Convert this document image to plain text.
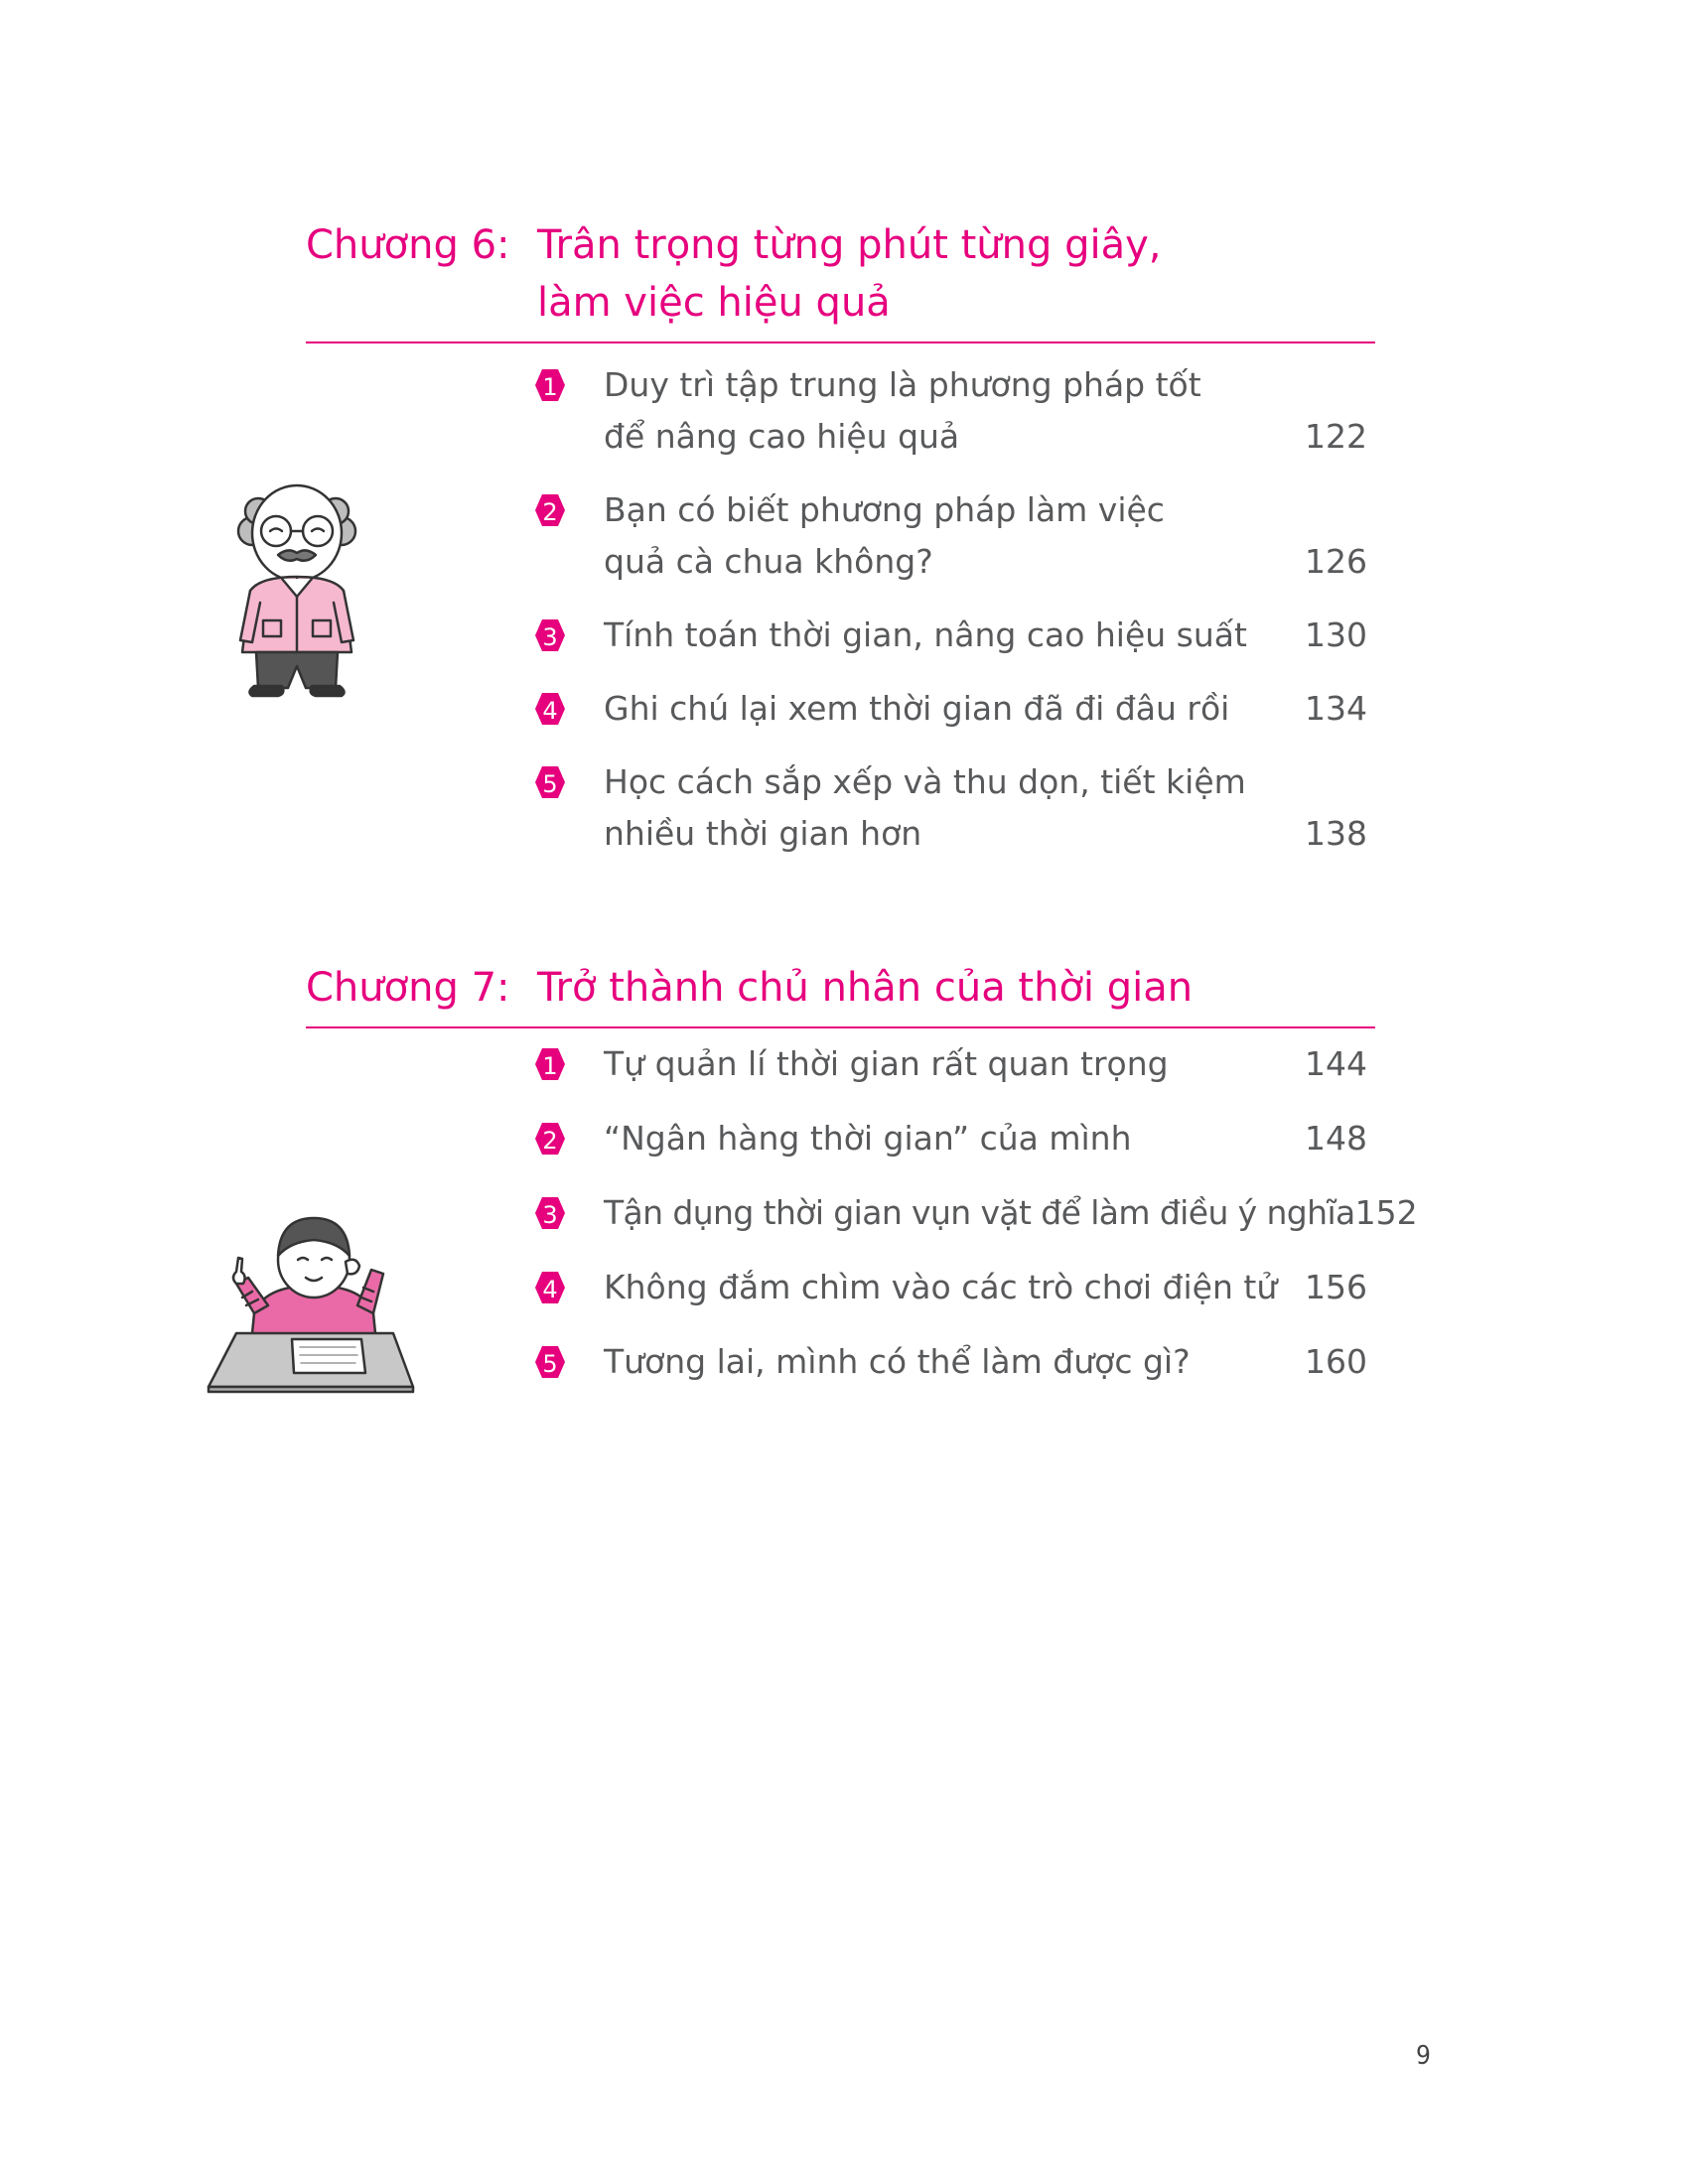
Chương 6: Trân trọng từng phút từng giây,
làm việc hiệu quả
1 Duy trì tập trung là phương pháp tốt
để nâng cao hiệu quả	122
2 Bạn có biết phương pháp làm việc
quả cà chua không?	126
3 Tính toán thời gian, nâng cao hiệu suất	130
4 Ghi chú lại xem thời gian đã đi đâu rồi	134
5 Học cách sắp xếp và thu dọn, tiết kiệm
nhiều thời gian hơn	138
Chương 7: Trở thành chủ nhân của thời gian
1 Tự quản lí thời gian rất quan trọng	144
2 “Ngân hàng thời gian” của mình	148
3 Tận dụng thời gian vụn vặt để làm điều ý nghĩa 152
4 Không đắm chìm vào các trò chơi điện tử 156
5 Tương lai, mình có thể làm được gì?	160
9
